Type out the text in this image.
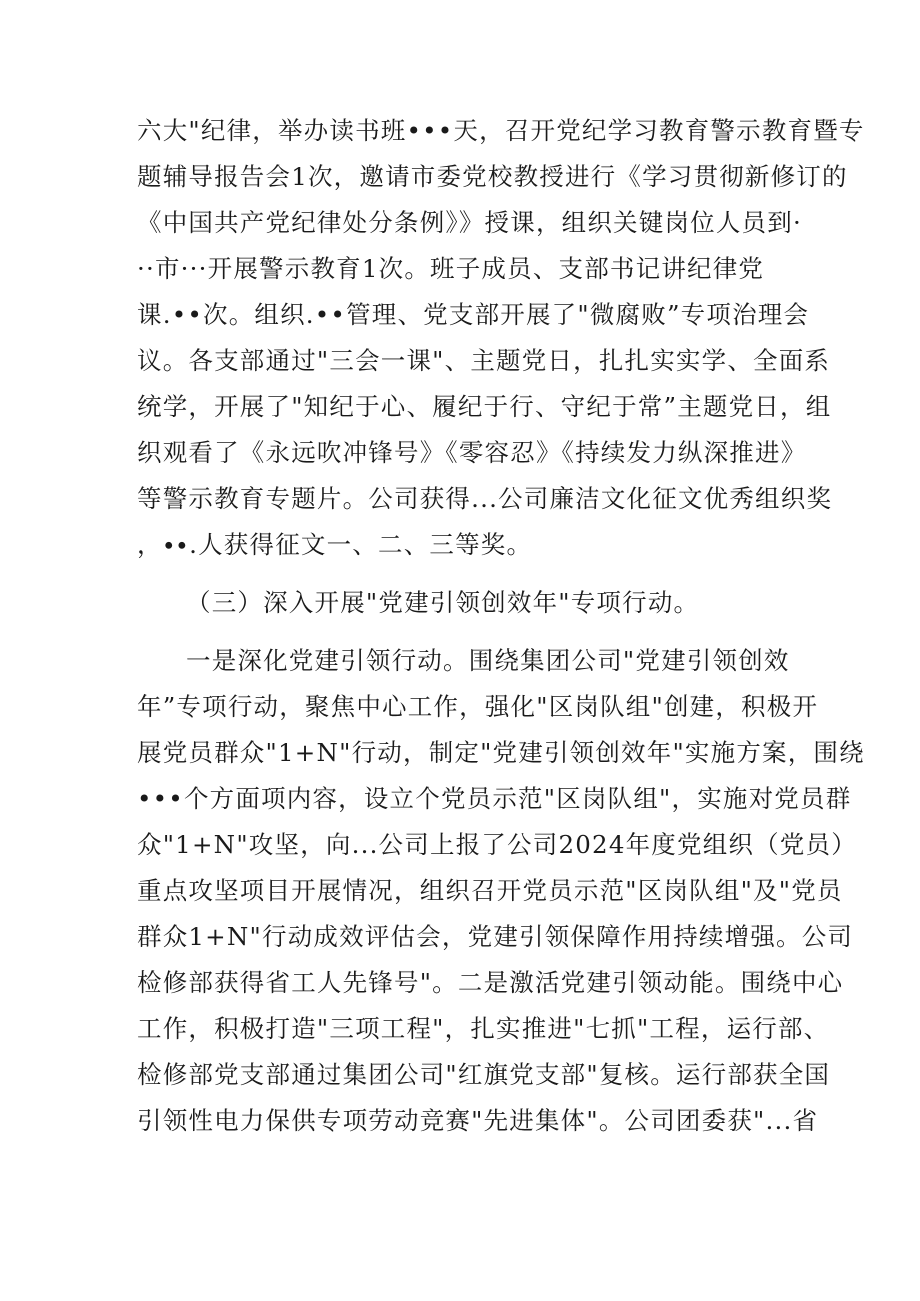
六大"纪律，举办读书班•••天，召开党纪学习教育警示教育暨专
题辅导报告会1次，邀请市委党校教授进行《学习贯彻新修订的
《中国共产党纪律处分条例》》授课，组织关键岗位人员到·
··市···开展警示教育1次。班子成员、支部书记讲纪律党
课.••次。组织.••管理、党支部开展了"微腐败”专项治理会
议。各支部通过"三会一课"、主题党日，扎扎实实学、全面系
统学，开展了"知纪于心、履纪于行、守纪于常”主题党日，组
织观看了《永远吹冲锋号》《零容忍》《持续发力纵深推进》
等警示教育专题片。公司获得...公司廉洁文化征文优秀组织奖
，∙∙.人获得征文一、二、三等奖。
（三）深入开展"党建引领创效年"专项行动。
一是深化党建引领行动。围绕集团公司"党建引领创效
年”专项行动，聚焦中心工作，强化"区岗队组"创建，积极开
展党员群众"1+N"行动，制定"党建引领创效年"实施方案，围绕
•••个方面项内容，设立个党员示范"区岗队组"，实施对党员群
众"1+N"攻坚，向...公司上报了公司2024年度党组织（党员）
重点攻坚项目开展情况，组织召开党员示范"区岗队组"及"党员
群众1+N"行动成效评估会，党建引领保障作用持续增强。公司
检修部获得省工人先锋号"。二是激活党建引领动能。围绕中心
工作，积极打造"三项工程"，扎实推进"七抓"工程，运行部、
检修部党支部通过集团公司"红旗党支部"复核。运行部获全国
引领性电力保供专项劳动竞赛"先进集体"。公司团委获"...省
